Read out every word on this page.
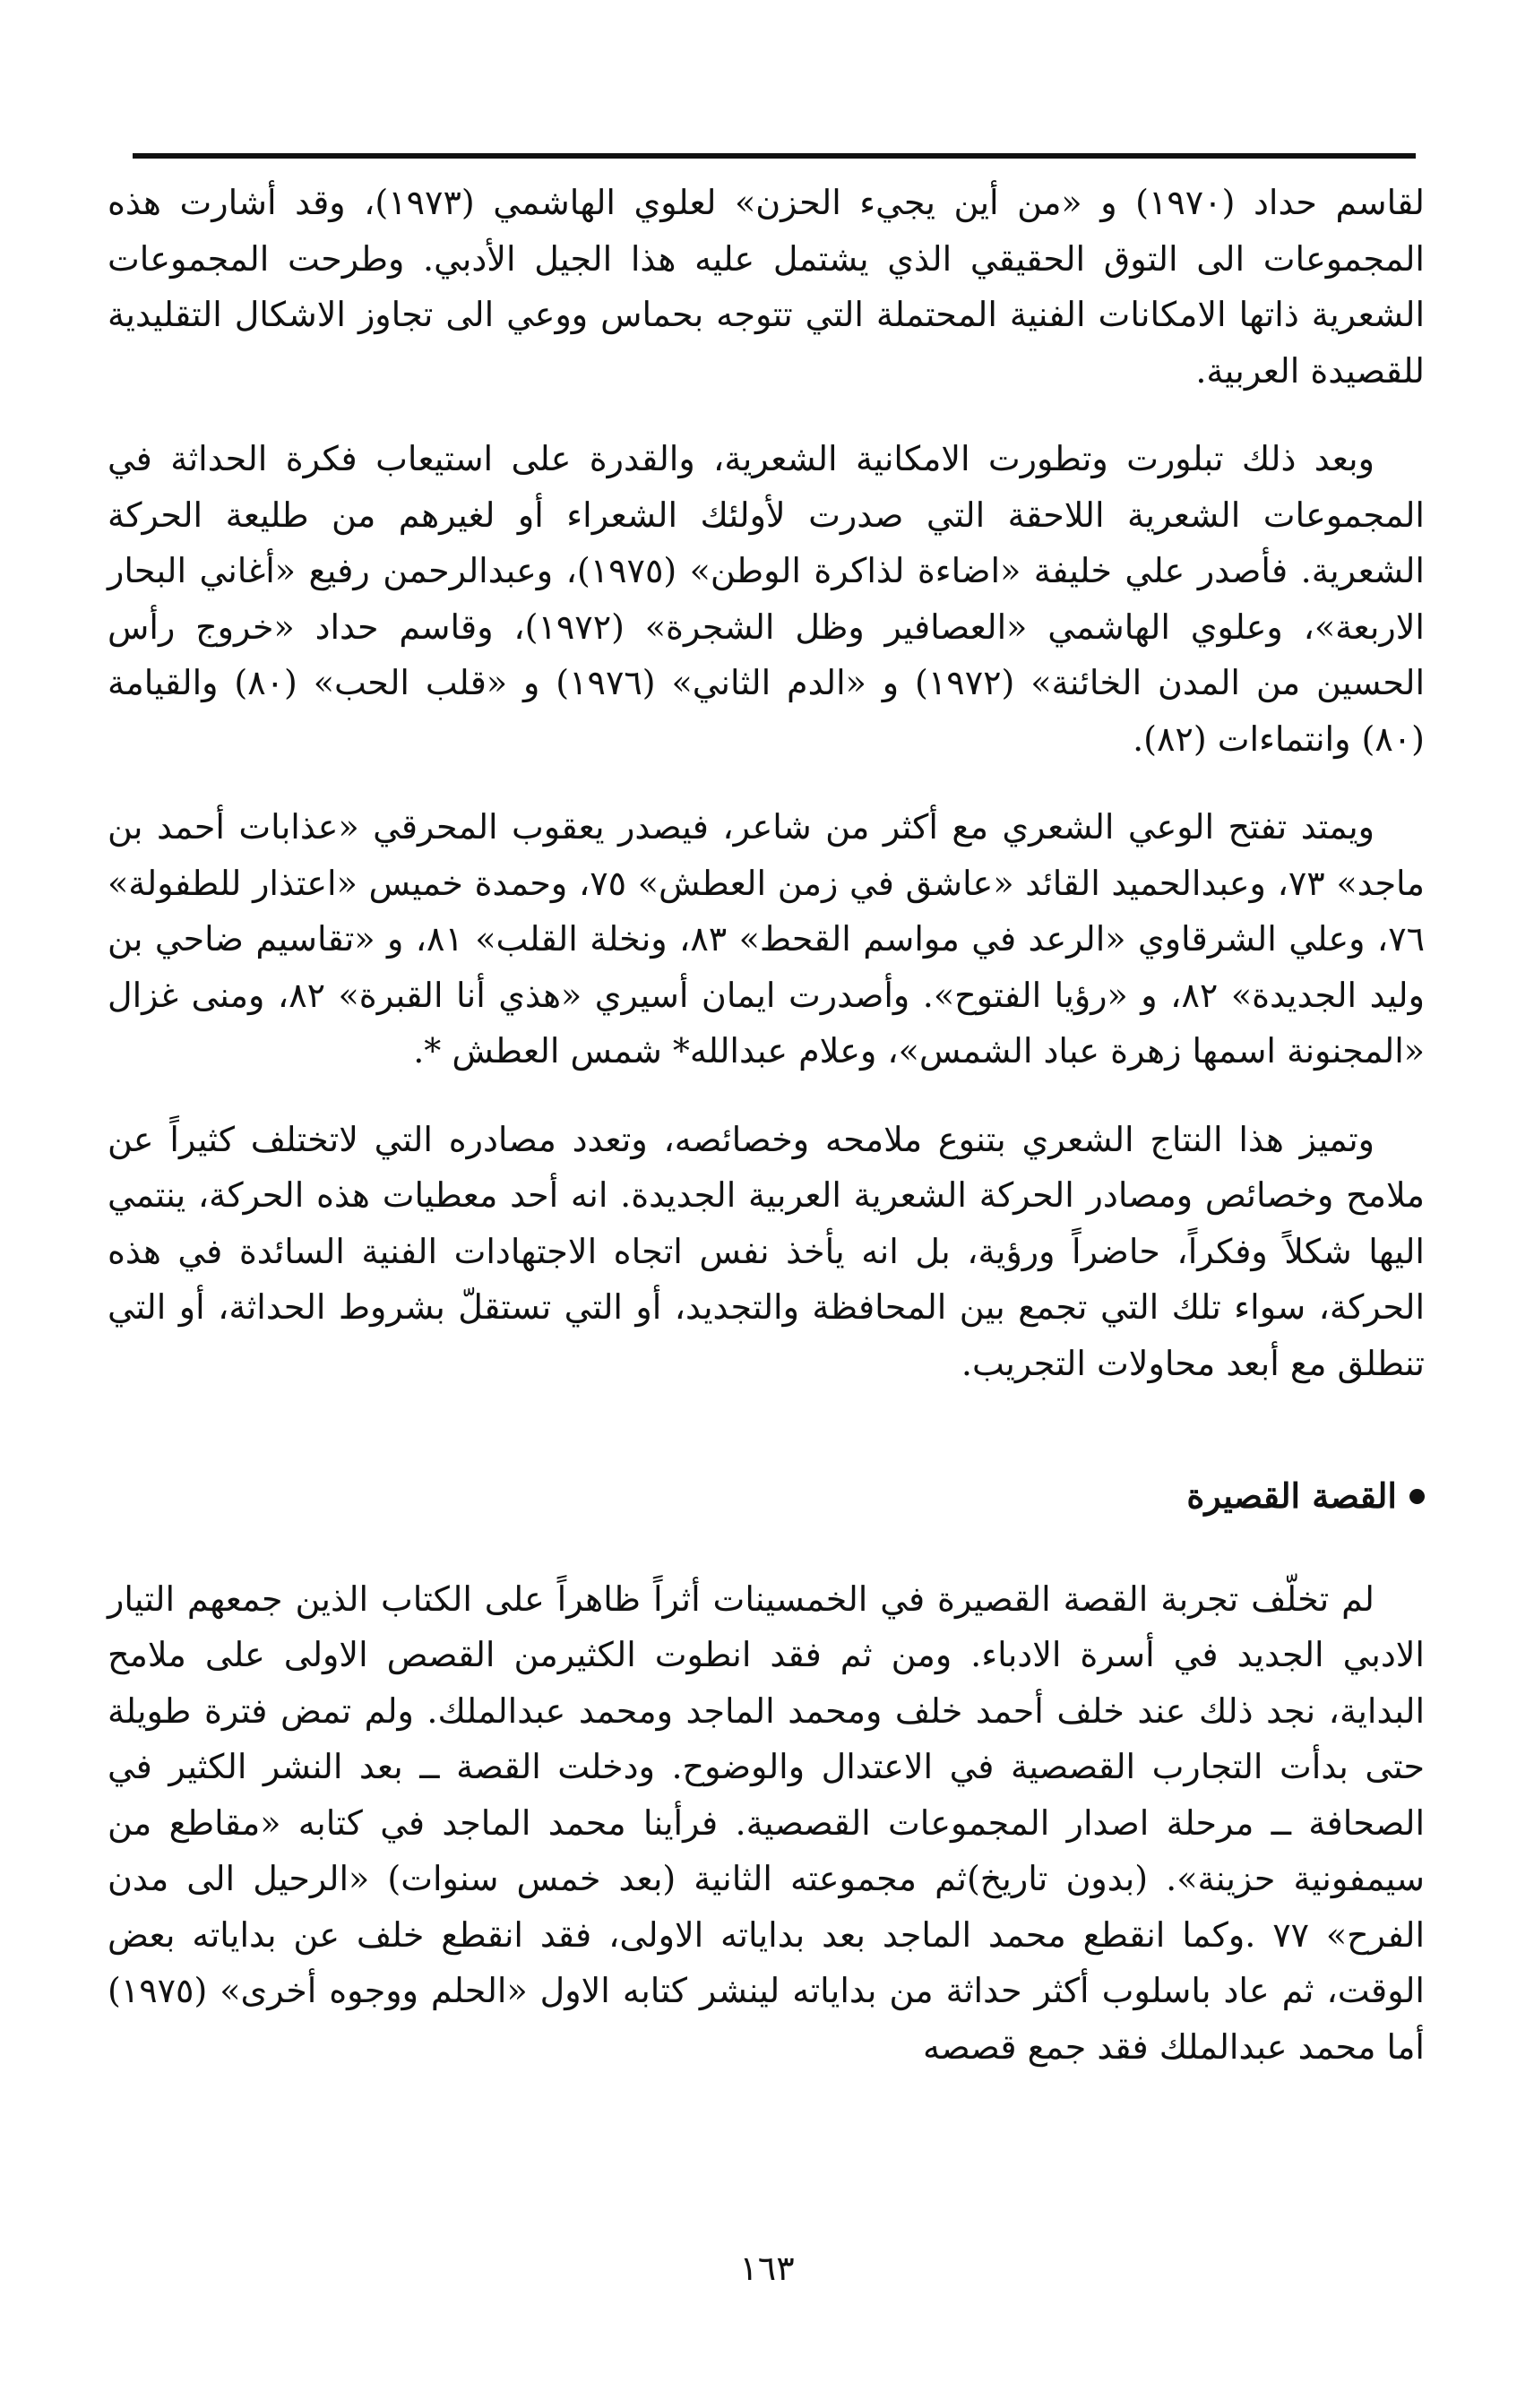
لقاسم حداد (١٩٧٠) و «من أين يجيء الحزن» لعلوي الهاشمي (١٩٧٣)، وقد أشارت هذه المجموعات الى التوق الحقيقي الذي يشتمل عليه هذا الجيل الأدبي. وطرحت المجموعات الشعرية ذاتها الامكانات الفنية المحتملة التي تتوجه بحماس ووعي الى تجاوز الاشكال التقليدية للقصيدة العربية.

وبعد ذلك تبلورت وتطورت الامكانية الشعرية، والقدرة على استيعاب فكرة الحداثة في المجموعات الشعرية اللاحقة التي صدرت لأولئك الشعراء أو لغيرهم من طليعة الحركة الشعرية. فأصدر علي خليفة «اضاءة لذاكرة الوطن» (١٩٧٥)، وعبدالرحمن رفيع «أغاني البحار الاربعة»، وعلوي الهاشمي «العصافير وظل الشجرة» (١٩٧٢)، وقاسم حداد «خروج رأس الحسين من المدن الخائنة» (١٩٧٢) و «الدم الثاني» (١٩٧٦) و «قلب الحب» (٨٠) والقيامة (٨٠) وانتماءات (٨٢).

ويمتد تفتح الوعي الشعري مع أكثر من شاعر، فيصدر يعقوب المحرقي «عذابات أحمد بن ماجد» ٧٣، وعبدالحميد القائد «عاشق في زمن العطش» ٧٥، وحمدة خميس «اعتذار للطفولة» ٧٦، وعلي الشرقاوي «الرعد في مواسم القحط» ٨٣، ونخلة القلب» ٨١، و «تقاسيم ضاحي بن وليد الجديدة» ٨٢، و «رؤيا الفتوح». وأصدرت ايمان أسيري «هذي أنا القبرة» ٨٢، ومنى غزال «المجنونة اسمها زهرة عباد الشمس»، وعلام عبدالله* شمس العطش *.

وتميز هذا النتاج الشعري بتنوع ملامحه وخصائصه، وتعدد مصادره التي لاتختلف كثيراً عن ملامح وخصائص ومصادر الحركة الشعرية العربية الجديدة. انه أحد معطيات هذه الحركة، ينتمي اليها شكلاً وفكراً، حاضراً ورؤية، بل انه يأخذ نفس اتجاه الاجتهادات الفنية السائدة في هذه الحركة، سواء تلك التي تجمع بين المحافظة والتجديد، أو التي تستقلّ بشروط الحداثة، أو التي تنطلق مع أبعد محاولات التجريب.

القصة القصيرة

لم تخلّف تجربة القصة القصيرة في الخمسينات أثراً ظاهراً على الكتاب الذين جمعهم التيار الادبي الجديد في أسرة الادباء. ومن ثم فقد انطوت الكثيرمن القصص الاولى على ملامح البداية، نجد ذلك عند خلف أحمد خلف ومحمد الماجد ومحمد عبدالملك. ولم تمض فترة طويلة حتى بدأت التجارب القصصية في الاعتدال والوضوح. ودخلت القصة ــ بعد النشر الكثير في الصحافة ــ مرحلة اصدار المجموعات القصصية. فرأينا محمد الماجد في كتابه «مقاطع من سيمفونية حزينة». (بدون تاريخ)ثم مجموعته الثانية (بعد خمس سنوات) «الرحيل الى مدن الفرح» ٧٧ .وكما انقطع محمد الماجد بعد بداياته الاولى، فقد انقطع خلف عن بداياته بعض الوقت، ثم عاد باسلوب أكثر حداثة من بداياته لينشر كتابه الاول «الحلم ووجوه أخرى» (١٩٧٥) أما محمد عبدالملك فقد جمع قصصه

١٦٣
